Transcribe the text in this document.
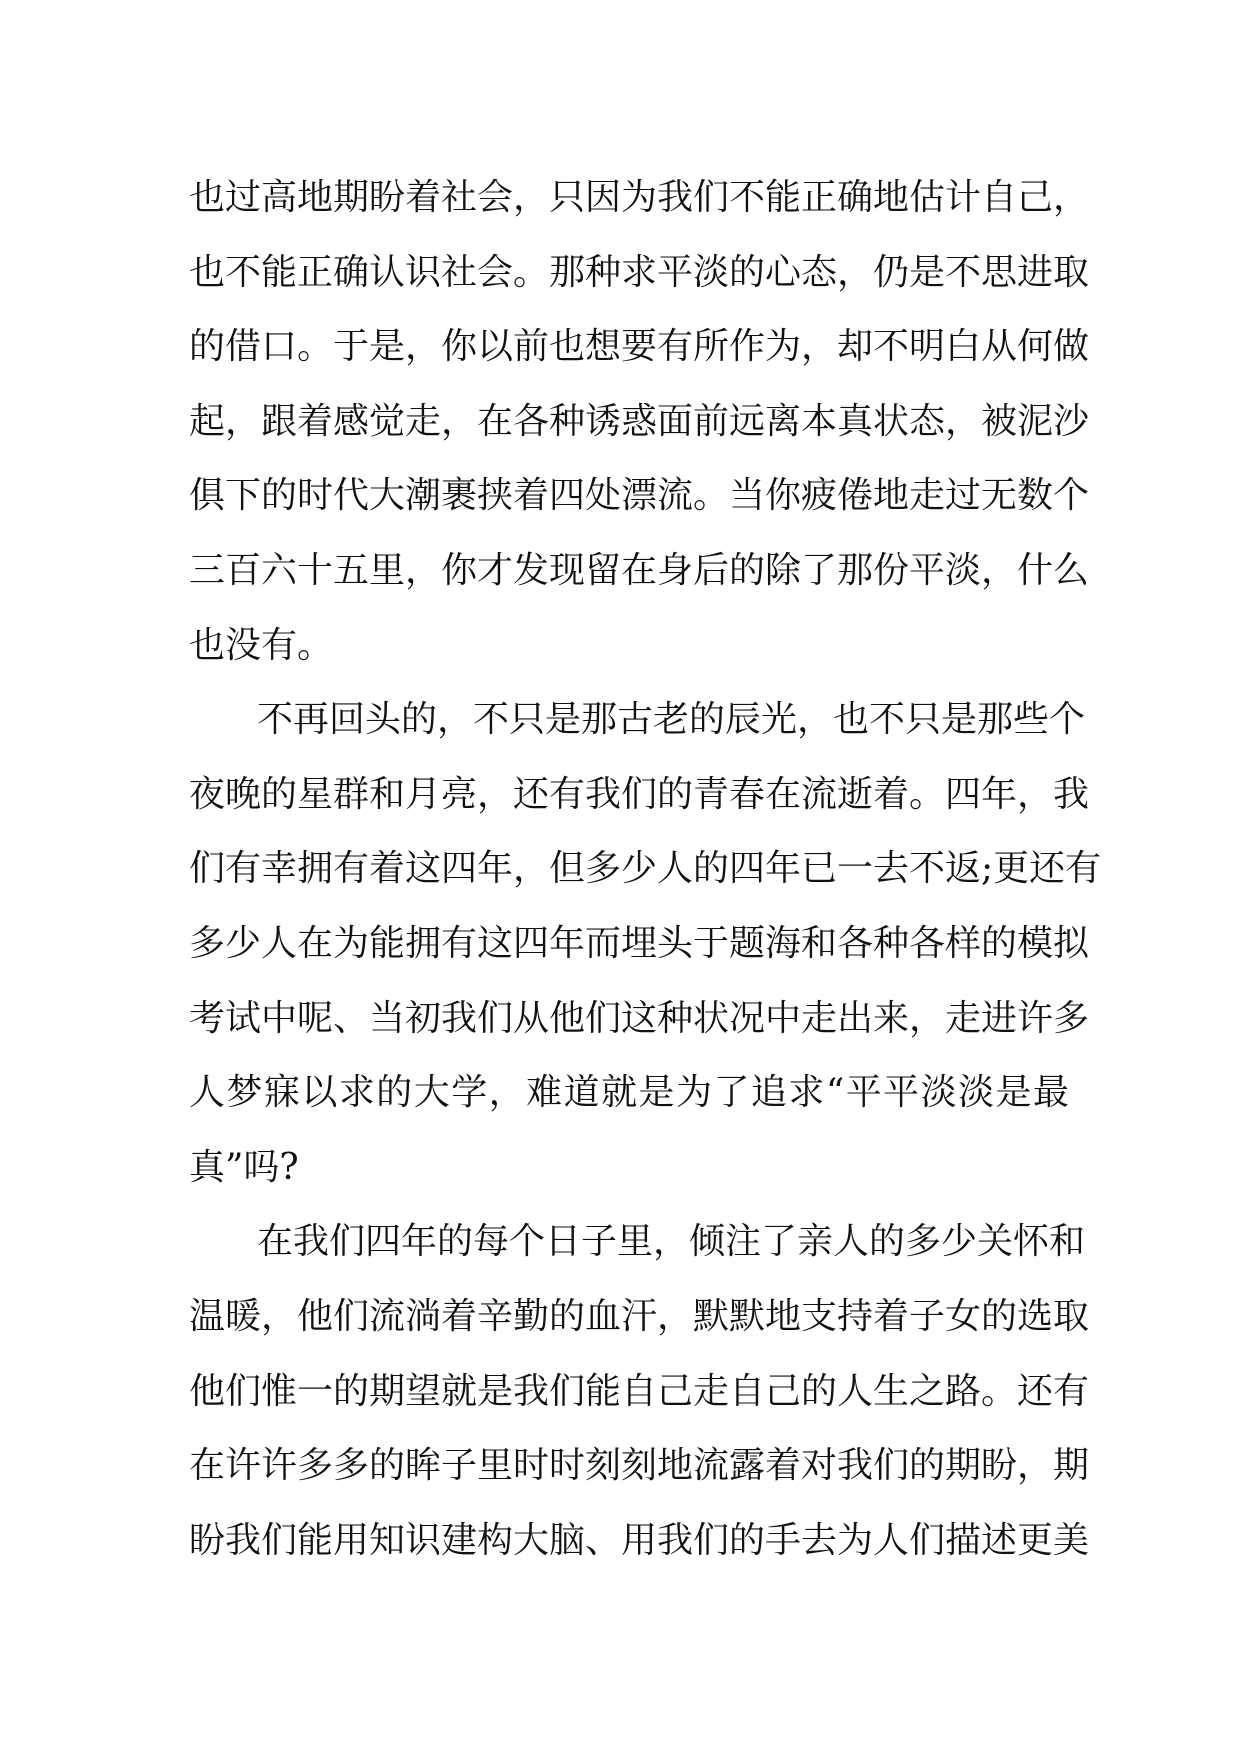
也过高地期盼着社会，只因为我们不能正确地估计自己，
也不能正确认识社会。那种求平淡的心态，仍是不思进取
的借口。于是，你以前也想要有所作为，却不明白从何做
起，跟着感觉走，在各种诱惑面前远离本真状态，被泥沙
俱下的时代大潮裹挟着四处漂流。当你疲倦地走过无数个
三百六十五里，你才发现留在身后的除了那份平淡，什么
也没有。
不再回头的，不只是那古老的辰光，也不只是那些个
夜晚的星群和月亮，还有我们的青春在流逝着。四年，我
们有幸拥有着这四年，但多少人的四年已一去不返;更还有
多少人在为能拥有这四年而埋头于题海和各种各样的模拟
考试中呢、当初我们从他们这种状况中走出来，走进许多
人梦寐以求的大学，难道就是为了追求“平平淡淡是最
真”吗?
在我们四年的每个日子里，倾注了亲人的多少关怀和
温暖，他们流淌着辛勤的血汗，默默地支持着子女的选取
他们惟一的期望就是我们能自己走自己的人生之路。还有
在许许多多的眸子里时时刻刻地流露着对我们的期盼，期
盼我们能用知识建构大脑、用我们的手去为人们描述更美
